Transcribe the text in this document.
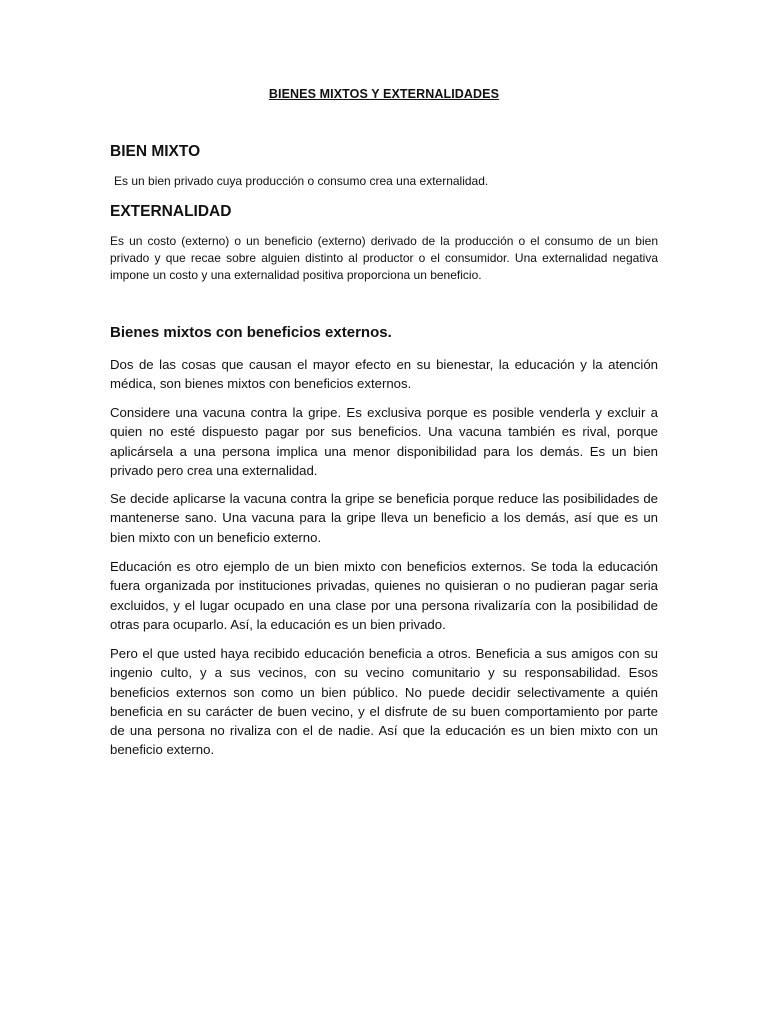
BIENES MIXTOS Y EXTERNALIDADES
BIEN MIXTO
Es un bien privado cuya producción o consumo crea una externalidad.
EXTERNALIDAD
Es un costo (externo) o un beneficio (externo) derivado de la producción o el consumo de un bien privado y que recae sobre alguien distinto al productor o el consumidor. Una externalidad negativa impone un costo y una externalidad positiva proporciona un beneficio.
Bienes mixtos con beneficios externos.
Dos de las cosas que causan el mayor efecto en su bienestar, la educación y la atención médica, son bienes mixtos con beneficios externos.
Considere una vacuna contra la gripe. Es exclusiva porque es posible venderla y excluir a quien no esté dispuesto pagar por sus beneficios. Una vacuna también es rival, porque aplicársela a una persona implica una menor disponibilidad para los demás. Es un bien privado pero crea una externalidad.
Se decide aplicarse la vacuna contra la gripe se beneficia porque reduce las posibilidades de mantenerse sano. Una vacuna para la gripe lleva un beneficio a los demás, así que es un bien mixto con un beneficio externo.
Educación es otro ejemplo de un bien mixto con beneficios externos. Se toda la educación fuera organizada por instituciones privadas, quienes no quisieran o no pudieran pagar seria excluidos, y el lugar ocupado en una clase por una persona rivalizaría con la posibilidad de otras para ocuparlo. Así, la educación es un bien privado.
Pero el que usted haya recibido educación beneficia a otros. Beneficia a sus amigos con su ingenio culto, y a sus vecinos, con su vecino comunitario y su responsabilidad. Esos beneficios externos son como un bien público. No puede decidir selectivamente a quién beneficia en su carácter de buen vecino, y el disfrute de su buen comportamiento por parte de una persona no rivaliza con el de nadie. Así que la educación es un bien mixto con un beneficio externo.
